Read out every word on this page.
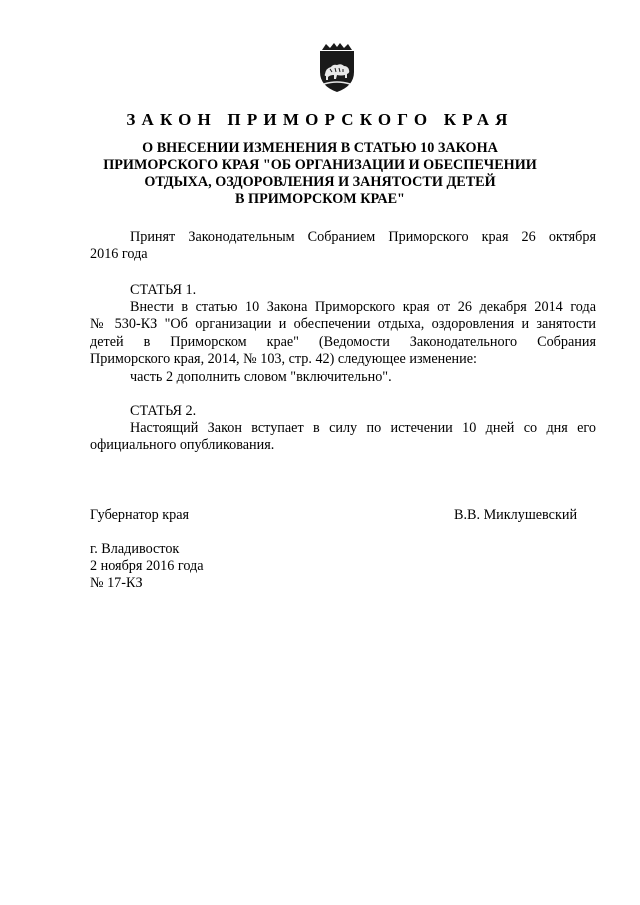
ЗАКОН ПРИМОРСКОГО КРАЯ
О ВНЕСЕНИИ ИЗМЕНЕНИЯ В СТАТЬЮ 10 ЗАКОНА
ПРИМОРСКОГО КРАЯ "ОБ ОРГАНИЗАЦИИ И ОБЕСПЕЧЕНИИ
ОТДЫХА, ОЗДОРОВЛЕНИЯ И ЗАНЯТОСТИ ДЕТЕЙ
В ПРИМОРСКОМ КРАЕ"
Принят Законодательным Собранием Приморского края 26 октября
2016 года
СТАТЬЯ 1.
Внести в статью 10 Закона Приморского края от 26 декабря 2014 года
№ 530-КЗ "Об организации и обеспечении отдыха, оздоровления и занятости
детей в Приморском крае" (Ведомости Законодательного Собрания
Приморского края, 2014, № 103, стр. 42) следующее изменение:
часть 2 дополнить словом "включительно".
СТАТЬЯ 2.
Настоящий Закон вступает в силу по истечении 10 дней со дня его
официального опубликования.
Губернатор края	В.В. Миклушевский
г. Владивосток
2 ноября 2016 года
№ 17-КЗ
